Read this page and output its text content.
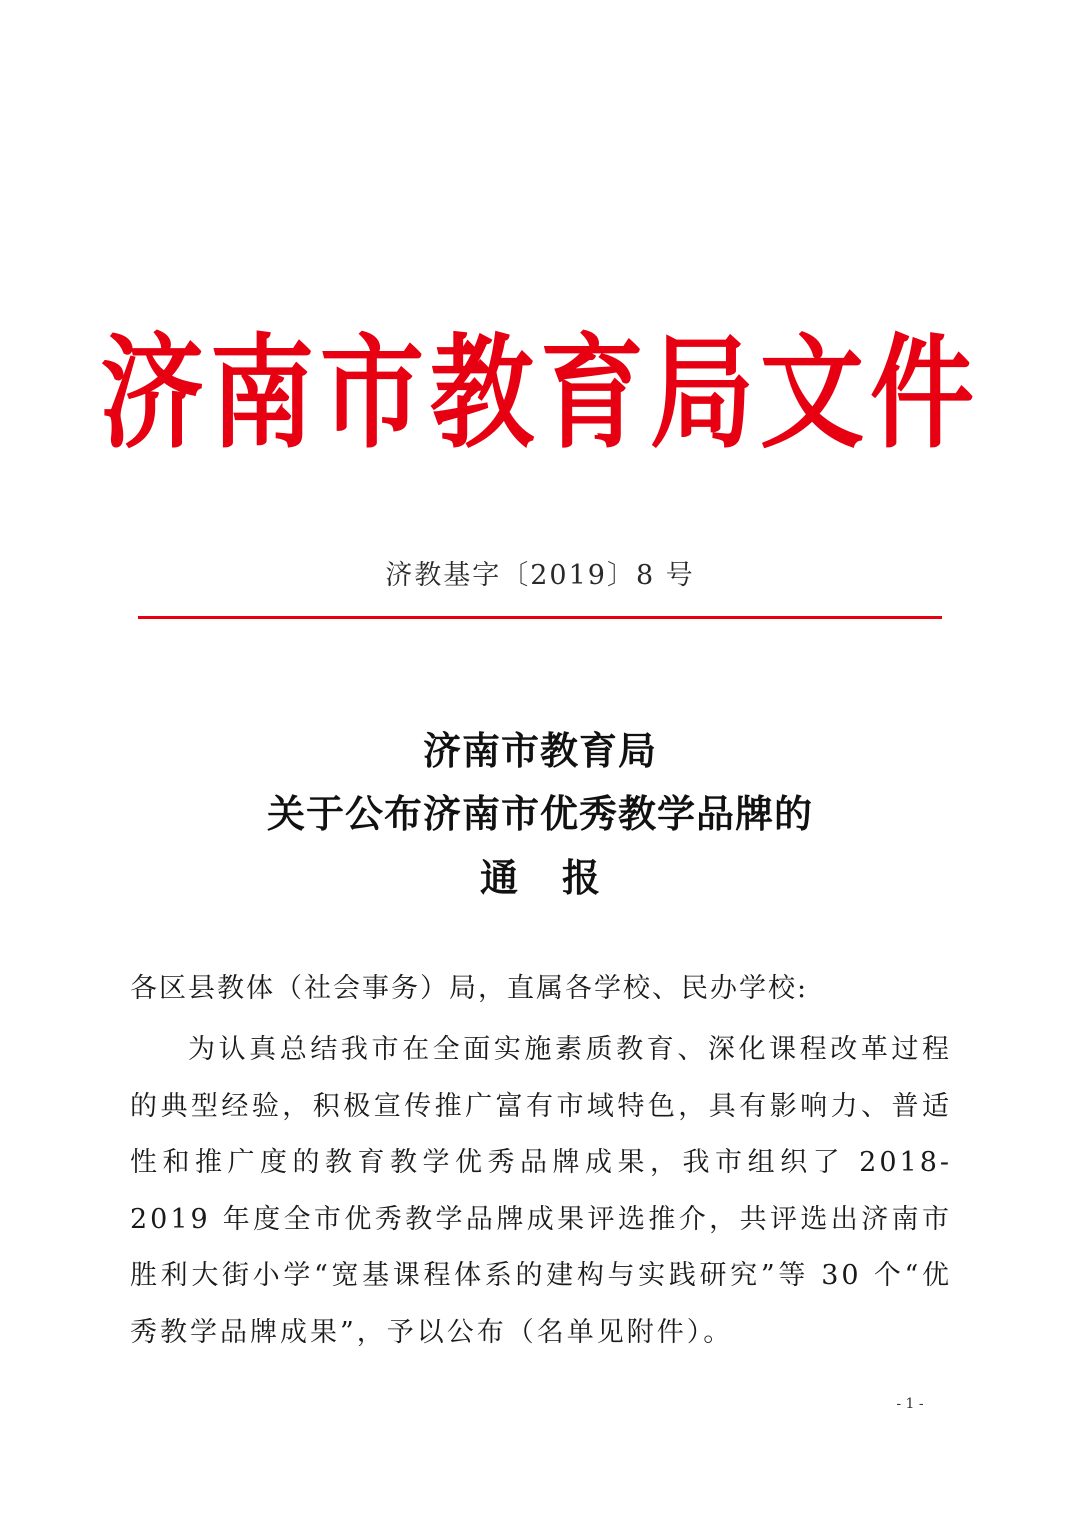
济南市教育局文件
济教基字〔2019〕8 号
济南市教育局
关于公布济南市优秀教学品牌的
通报
各区县教体（社会事务）局，直属各学校、民办学校:
为认真总结我市在全面实施素质教育、深化课程改革过程的典型经验，积极宣传推广富有市域特色，具有影响力、普适性和推广度的教育教学优秀品牌成果，我市组织了 2018-2019 年度全市优秀教学品牌成果评选推介，共评选出济南市胜利大街小学“宽基课程体系的建构与实践研究”等 30 个“优秀教学品牌成果”，予以公布（名单见附件）。
- 1 -
